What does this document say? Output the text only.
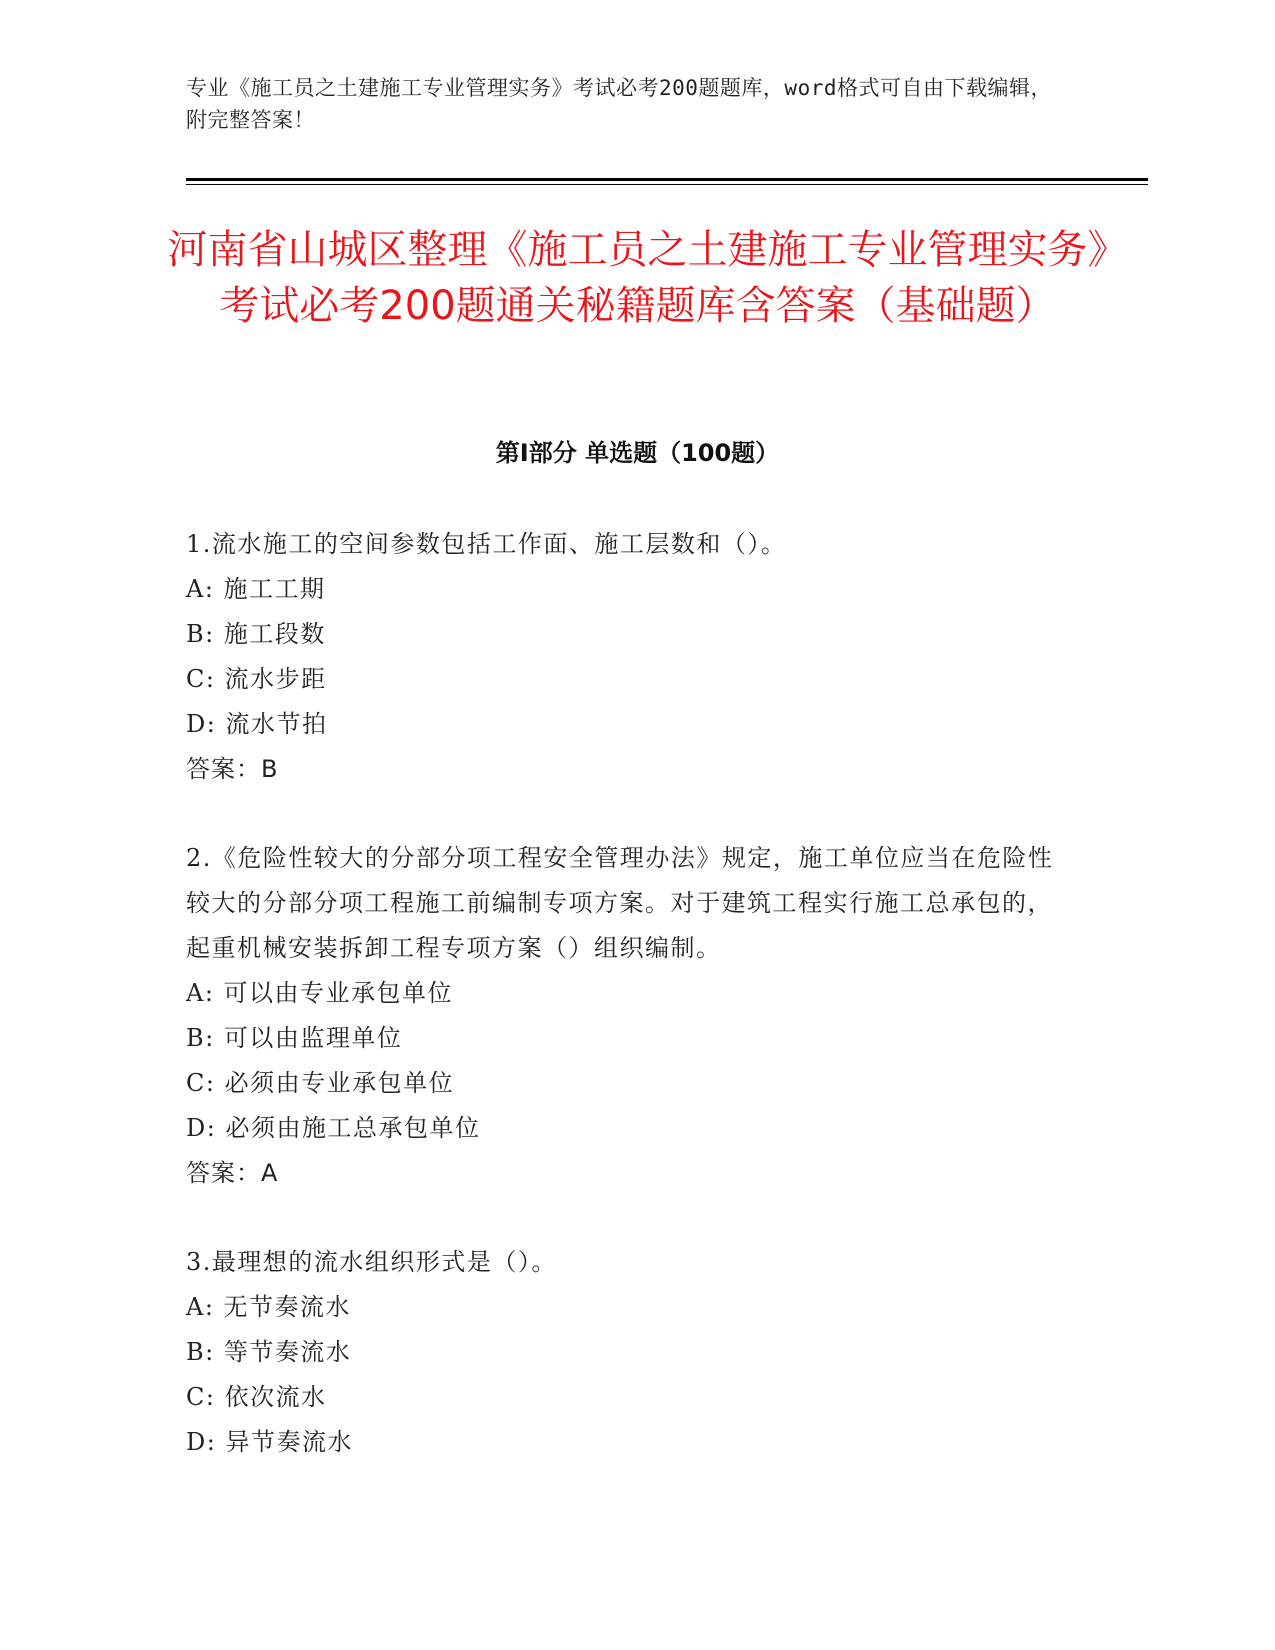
专业《施工员之土建施工专业管理实务》考试必考200题题库，word格式可自由下载编辑，附完整答案！
河南省山城区整理《施工员之土建施工专业管理实务》考试必考200题通关秘籍题库含答案（基础题）
第Ⅰ部分 单选题（100题）
1.流水施工的空间参数包括工作面、施工层数和（）。
A: 施工工期
B: 施工段数
C: 流水步距
D: 流水节拍
答案：B
2.《危险性较大的分部分项工程安全管理办法》规定，施工单位应当在危险性较大的分部分项工程施工前编制专项方案。对于建筑工程实行施工总承包的，起重机械安装拆卸工程专项方案（）组织编制。
A: 可以由专业承包单位
B: 可以由监理单位
C: 必须由专业承包单位
D: 必须由施工总承包单位
答案：A
3.最理想的流水组织形式是（）。
A: 无节奏流水
B: 等节奏流水
C: 依次流水
D: 异节奏流水
